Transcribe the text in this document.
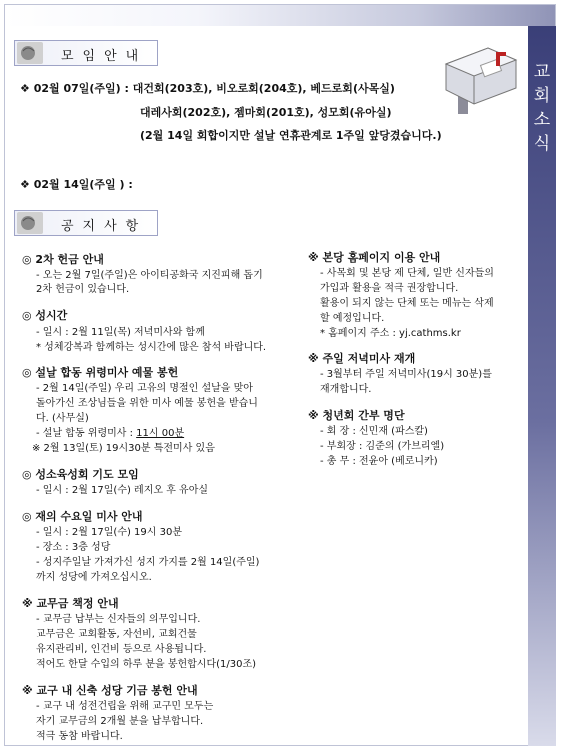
교
회
소
식
모임안내
❖ 02월 07일(주일) : 대건회(203호), 비오로회(204호), 베드로회(사목실)
대레사회(202호), 젬마회(201호), 성모회(유아실)
(2월 14일 회합이지만 설날 연휴관계로 1주일 앞당겼습니다.)
❖ 02월 14일(주일 ) :
공지사항
◎ 2차 헌금 안내
- 오는 2월 7일(주일)은 아이티공화국 지진피해 돕기
2차 헌금이 있습니다.
◎ 성시간
- 일시 : 2월 11일(목) 저녁미사와 함께
* 성체강복과 함께하는 성시간에 많은 참석 바랍니다.
◎ 설날 합동 위령미사 예물 봉헌
- 2월 14일(주일) 우리 고유의 명절인 설날을 맞아
돌아가신 조상님들을 위한 미사 예물 봉헌을 받습니
다. (사무실)
- 설날 합동 위령미사 : 11시 00분
※ 2월 13일(토) 19시30분 특전미사 있음
◎ 성소육성회 기도 모임
- 일시 : 2월 17일(수) 레지오 후 유아실
◎ 재의 수요일 미사 안내
- 일시 : 2월 17일(수) 19시 30분
- 장소 : 3층 성당
- 성지주일날 가져가신 성지 가지를 2월 14일(주일)
까지 성당에 가져오십시오.
※ 교무금 책정 안내
- 교무금 납부는 신자들의 의무입니다.
교무금은 교회활동, 자선비, 교회건물
유지관리비, 인건비 등으로 사용됩니다.
적어도 한달 수입의 하루 분을 봉헌합시다(1/30조)
※ 교구 내 신축 성당 기금 봉헌 안내
- 교구 내 성전건립을 위해 교구민 모두는
자기 교무금의 2개월 분을 납부합니다.
적극 동참 바랍니다.
※ 본당 홈페이지 이용 안내
- 사목회 및 본당 제 단체, 일반 신자들의
가입과 활용을 적극 권장합니다.
활용이 되지 않는 단체 또는 메뉴는 삭제
할 예정입니다.
* 홈페이지 주소 : yj.cathms.kr
※ 주일 저녁미사 재개
- 3월부터 주일 저녁미사(19시 30분)를
재개합니다.
※ 청년회 간부 명단
- 회 장 : 신민재 (파스칼)
- 부회장 : 김준의 (가브리엘)
- 총 무 : 전윤아 (베로니카)
